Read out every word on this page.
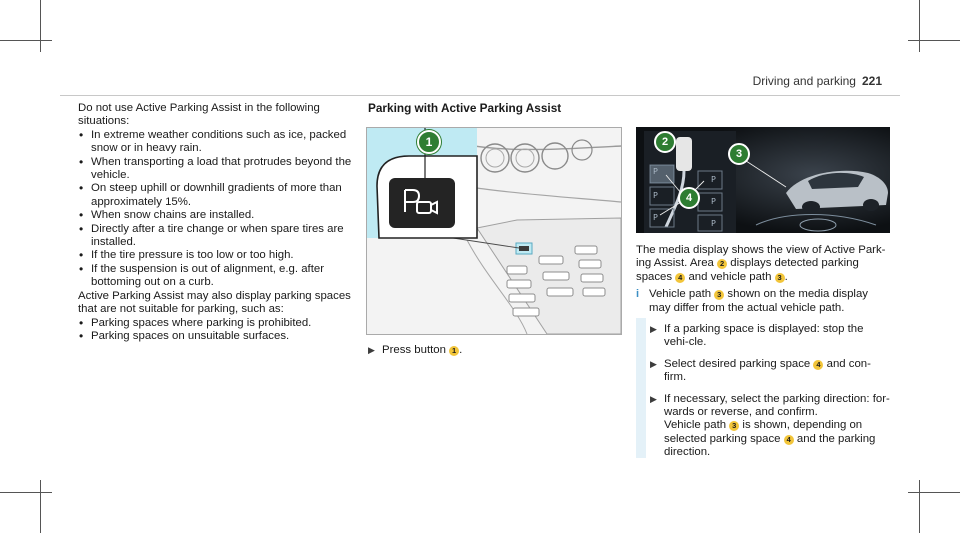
Driving and parking 221

Do not use Active Parking Assist in the following situations:

• In extreme weather conditions such as ice, packed snow or in heavy rain.

• When transporting a load that protrudes beyond the vehicle.

• On steep uphill or downhill gradients of more than approximately 15%.

• When snow chains are installed.

• Directly after a tire change or when spare tires are installed.

• If the tire pressure is too low or too high.

• If the suspension is out of alignment, e.g. after bottoming out on a curb.

Active Parking Assist may also display parking spaces that are not suitable for parking, such as:

• Parking spaces where parking is prohibited.

• Parking spaces on unsuitable surfaces.

Parking with Active Parking Assist

1

▶ Press button 1 .

P
P
P
P
P
P
2
3
4

The media display shows the view of Active Park-ing Assist. Area 2 displays detected parking spaces 4 and vehicle path 3 .

i Vehicle path 3 shown on the media display may differ from the actual vehicle path.

▶ If a parking space is displayed: stop the vehi-cle.

▶ Select desired parking space 4 and con-firm.

▶ If necessary, select the parking direction: for-wards or reverse, and confirm.
Vehicle path 3 is shown, depending on selected parking space 4 and the parking direction.
